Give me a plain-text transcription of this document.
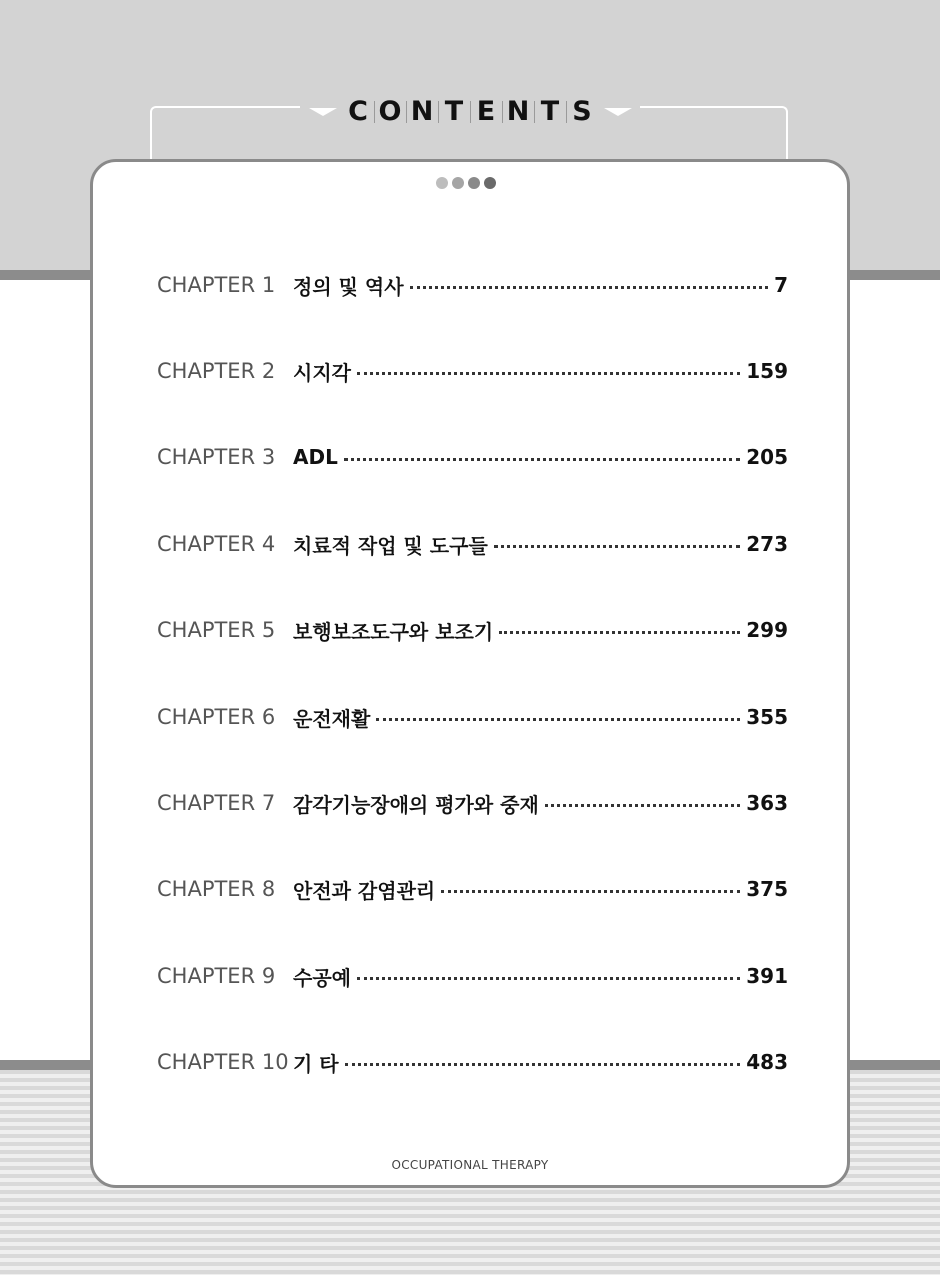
C O N T E N T S
CHAPTER 1 정의 및 역사	7
CHAPTER 2 시지각	159
CHAPTER 3 ADL	205
CHAPTER 4 치료적 작업 및 도구들	273
CHAPTER 5 보행보조도구와 보조기	299
CHAPTER 6 운전재활	355
CHAPTER 7 감각기능장애의 평가와 중재	363
CHAPTER 8 안전과 감염관리	375
CHAPTER 9 수공예	391
CHAPTER 10 기 타	483
OCCUPATIONAL THERAPY
